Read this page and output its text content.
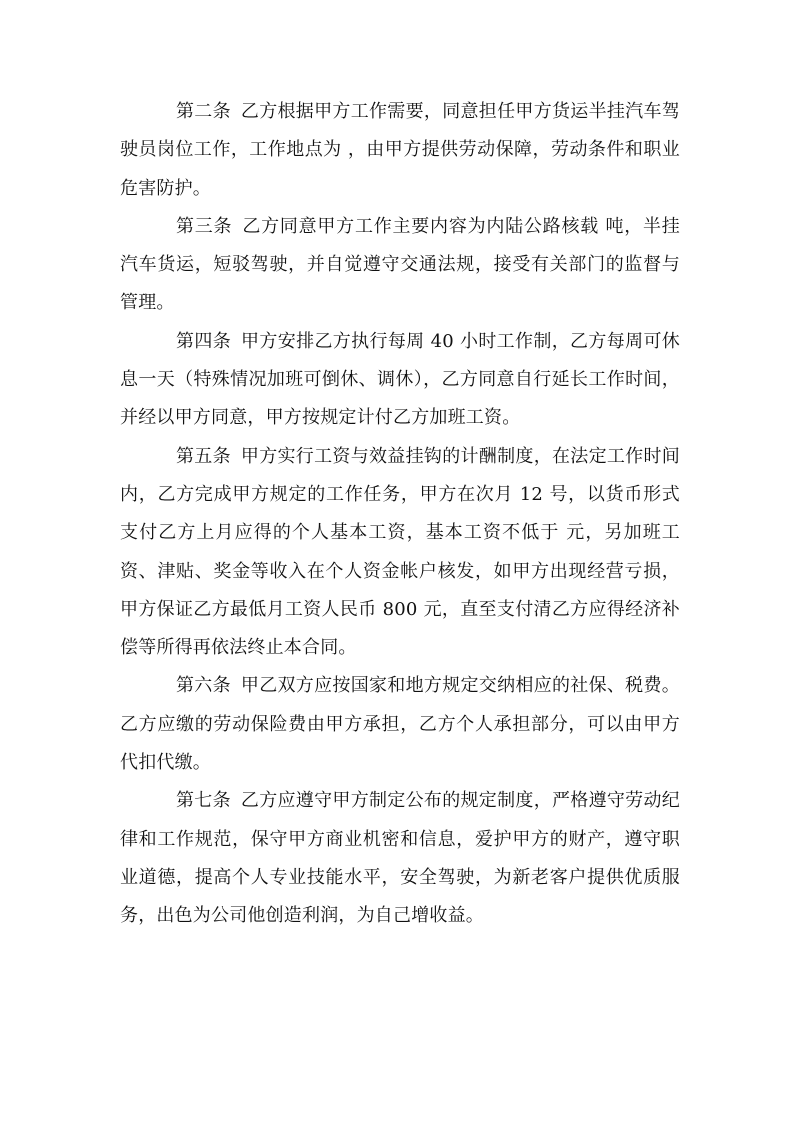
第二条 乙方根据甲方工作需要，同意担任甲方货运半挂汽车驾驶员岗位工作，工作地点为 ，由甲方提供劳动保障，劳动条件和职业危害防护。

第三条 乙方同意甲方工作主要内容为内陆公路核载 吨，半挂汽车货运，短驳驾驶，并自觉遵守交通法规，接受有关部门的监督与管理。

第四条 甲方安排乙方执行每周 40 小时工作制，乙方每周可休息一天（特殊情况加班可倒休、调休），乙方同意自行延长工作时间，并经以甲方同意，甲方按规定计付乙方加班工资。

第五条 甲方实行工资与效益挂钩的计酬制度，在法定工作时间内，乙方完成甲方规定的工作任务，甲方在次月 12 号，以货币形式支付乙方上月应得的个人基本工资，基本工资不低于 元，另加班工资、津贴、奖金等收入在个人资金帐户核发，如甲方出现经营亏损，甲方保证乙方最低月工资人民币 800 元，直至支付清乙方应得经济补偿等所得再依法终止本合同。

第六条 甲乙双方应按国家和地方规定交纳相应的社保、税费。乙方应缴的劳动保险费由甲方承担，乙方个人承担部分，可以由甲方代扣代缴。

第七条 乙方应遵守甲方制定公布的规定制度，严格遵守劳动纪律和工作规范，保守甲方商业机密和信息，爱护甲方的财产，遵守职业道德，提高个人专业技能水平，安全驾驶，为新老客户提供优质服务，出色为公司他创造利润，为自己增收益。
